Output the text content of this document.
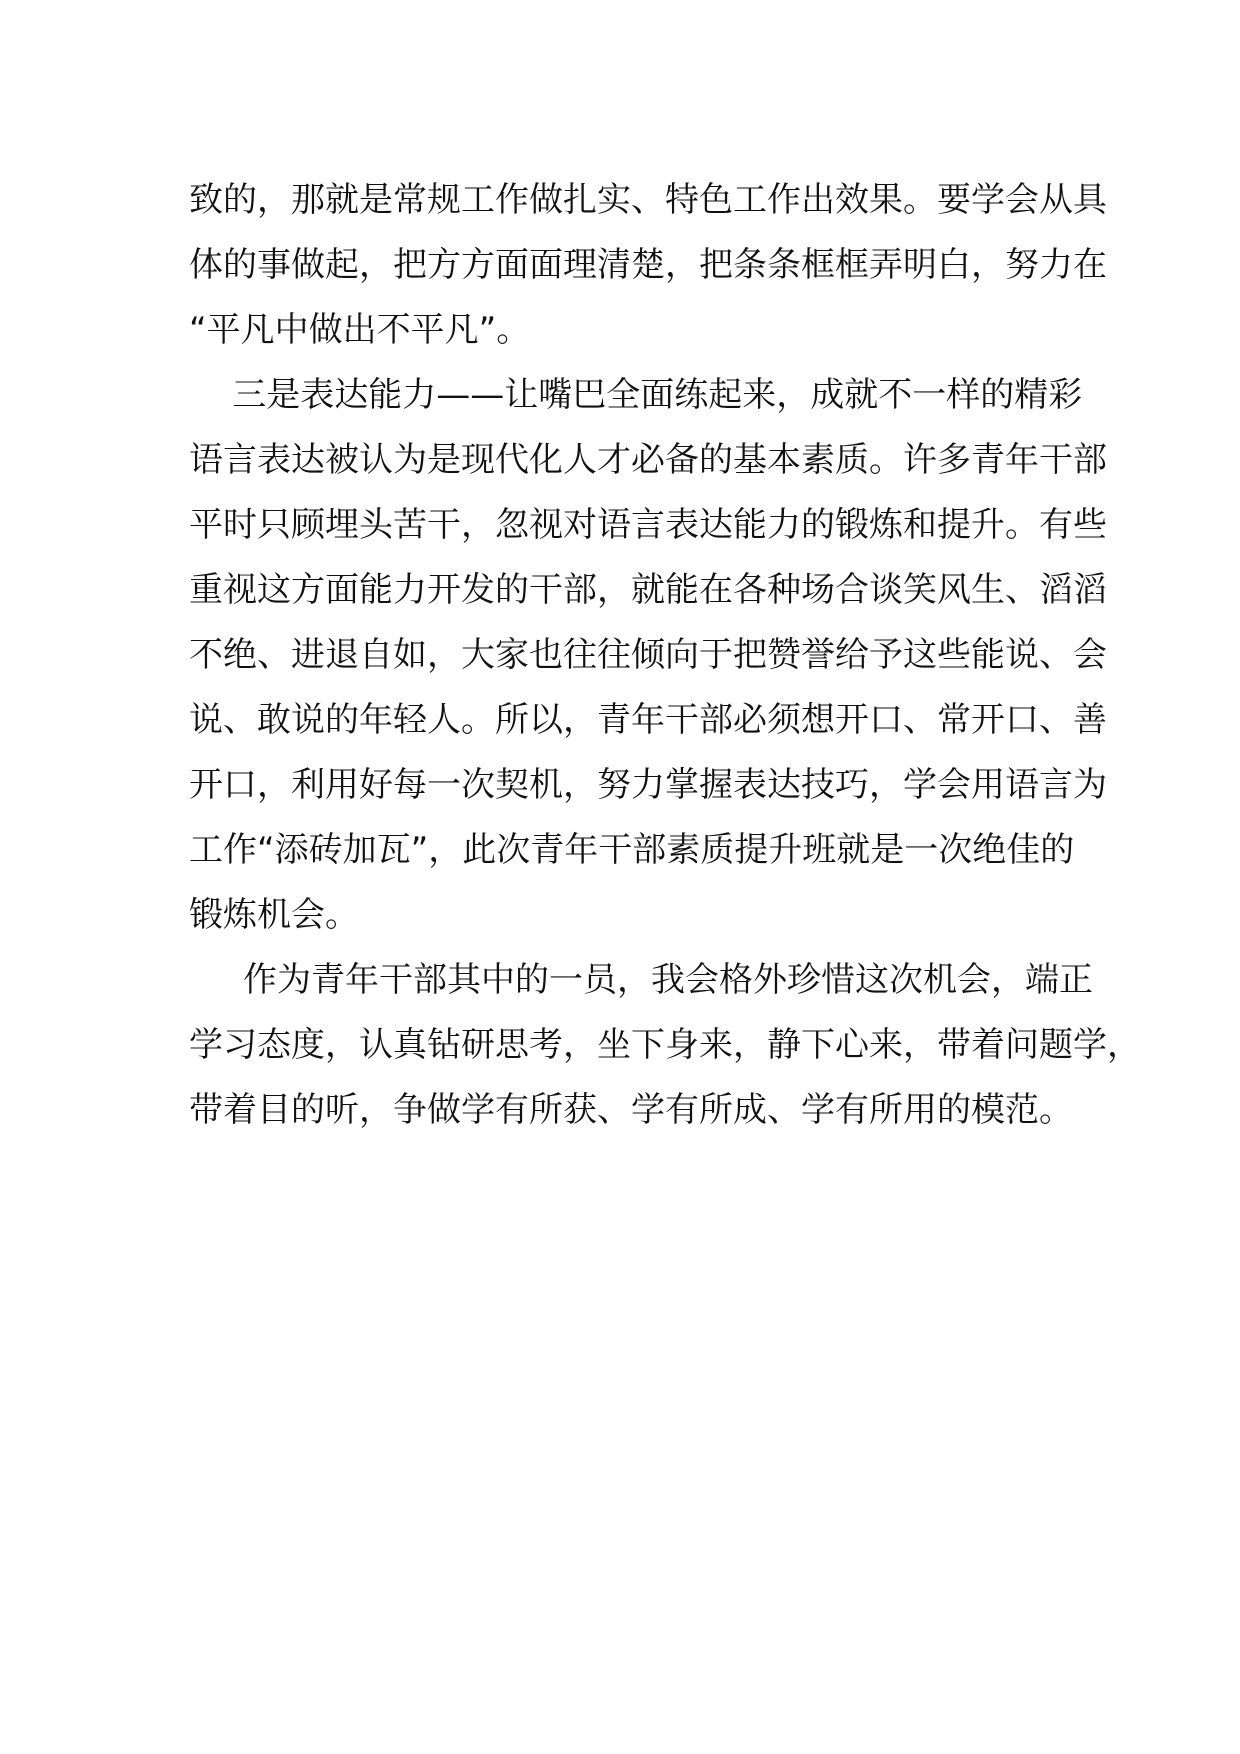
致的，那就是常规工作做扎实、特色工作出效果。要学会从具
体的事做起，把方方面面理清楚，把条条框框弄明白，努力在
“平凡中做出不平凡”。
三是表达能力——让嘴巴全面练起来，成就不一样的精彩
语言表达被认为是现代化人才必备的基本素质。许多青年干部
平时只顾埋头苦干，忽视对语言表达能力的锻炼和提升。有些
重视这方面能力开发的干部，就能在各种场合谈笑风生、滔滔
不绝、进退自如，大家也往往倾向于把赞誉给予这些能说、会
说、敢说的年轻人。所以，青年干部必须想开口、常开口、善
开口，利用好每一次契机，努力掌握表达技巧，学会用语言为
工作“添砖加瓦”，此次青年干部素质提升班就是一次绝佳的
锻炼机会。
作为青年干部其中的一员，我会格外珍惜这次机会，端正
学习态度，认真钻研思考，坐下身来，静下心来，带着问题学，
带着目的听，争做学有所获、学有所成、学有所用的模范。
